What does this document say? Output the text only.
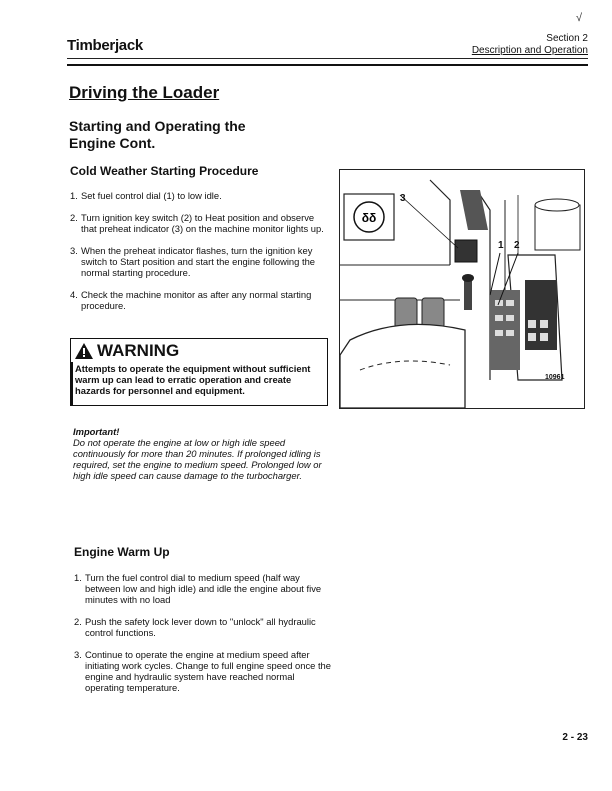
√
Timberjack	Section 2
Description and Operation
Driving the Loader
Starting and Operating the Engine Cont.
Cold Weather Starting Procedure
1. Set fuel control dial (1) to low idle.
2. Turn ignition key switch (2) to Heat position and observe that preheat indicator (3) on the machine monitor lights up.
3. When the preheat indicator flashes, turn the ignition key switch to Start position and start the engine following the normal starting procedure.
4. Check the machine monitor as after any normal starting procedure.
WARNING
Attempts to operate the equipment without sufficient warm up can lead to erratic operation and create hazards for personnel and equipment.
Important!
Do not operate the engine at low or high idle speed continuously for more than 20 minutes. If prolonged idling is required, set the engine to medium speed. Prolonged low or high idle speed can cause damage to the turbocharger.
δδ
3
1 2
10961
Engine Warm Up
1. Turn the fuel control dial to medium speed (half way between low and high idle) and idle the engine about five minutes with no load
2. Push the safety lock lever down to "unlock" all hydraulic control functions.
3. Continue to operate the engine at medium speed after initiating work cycles. Change to full engine speed once the engine and hydraulic system have reached normal operating temperature.
2 - 23
